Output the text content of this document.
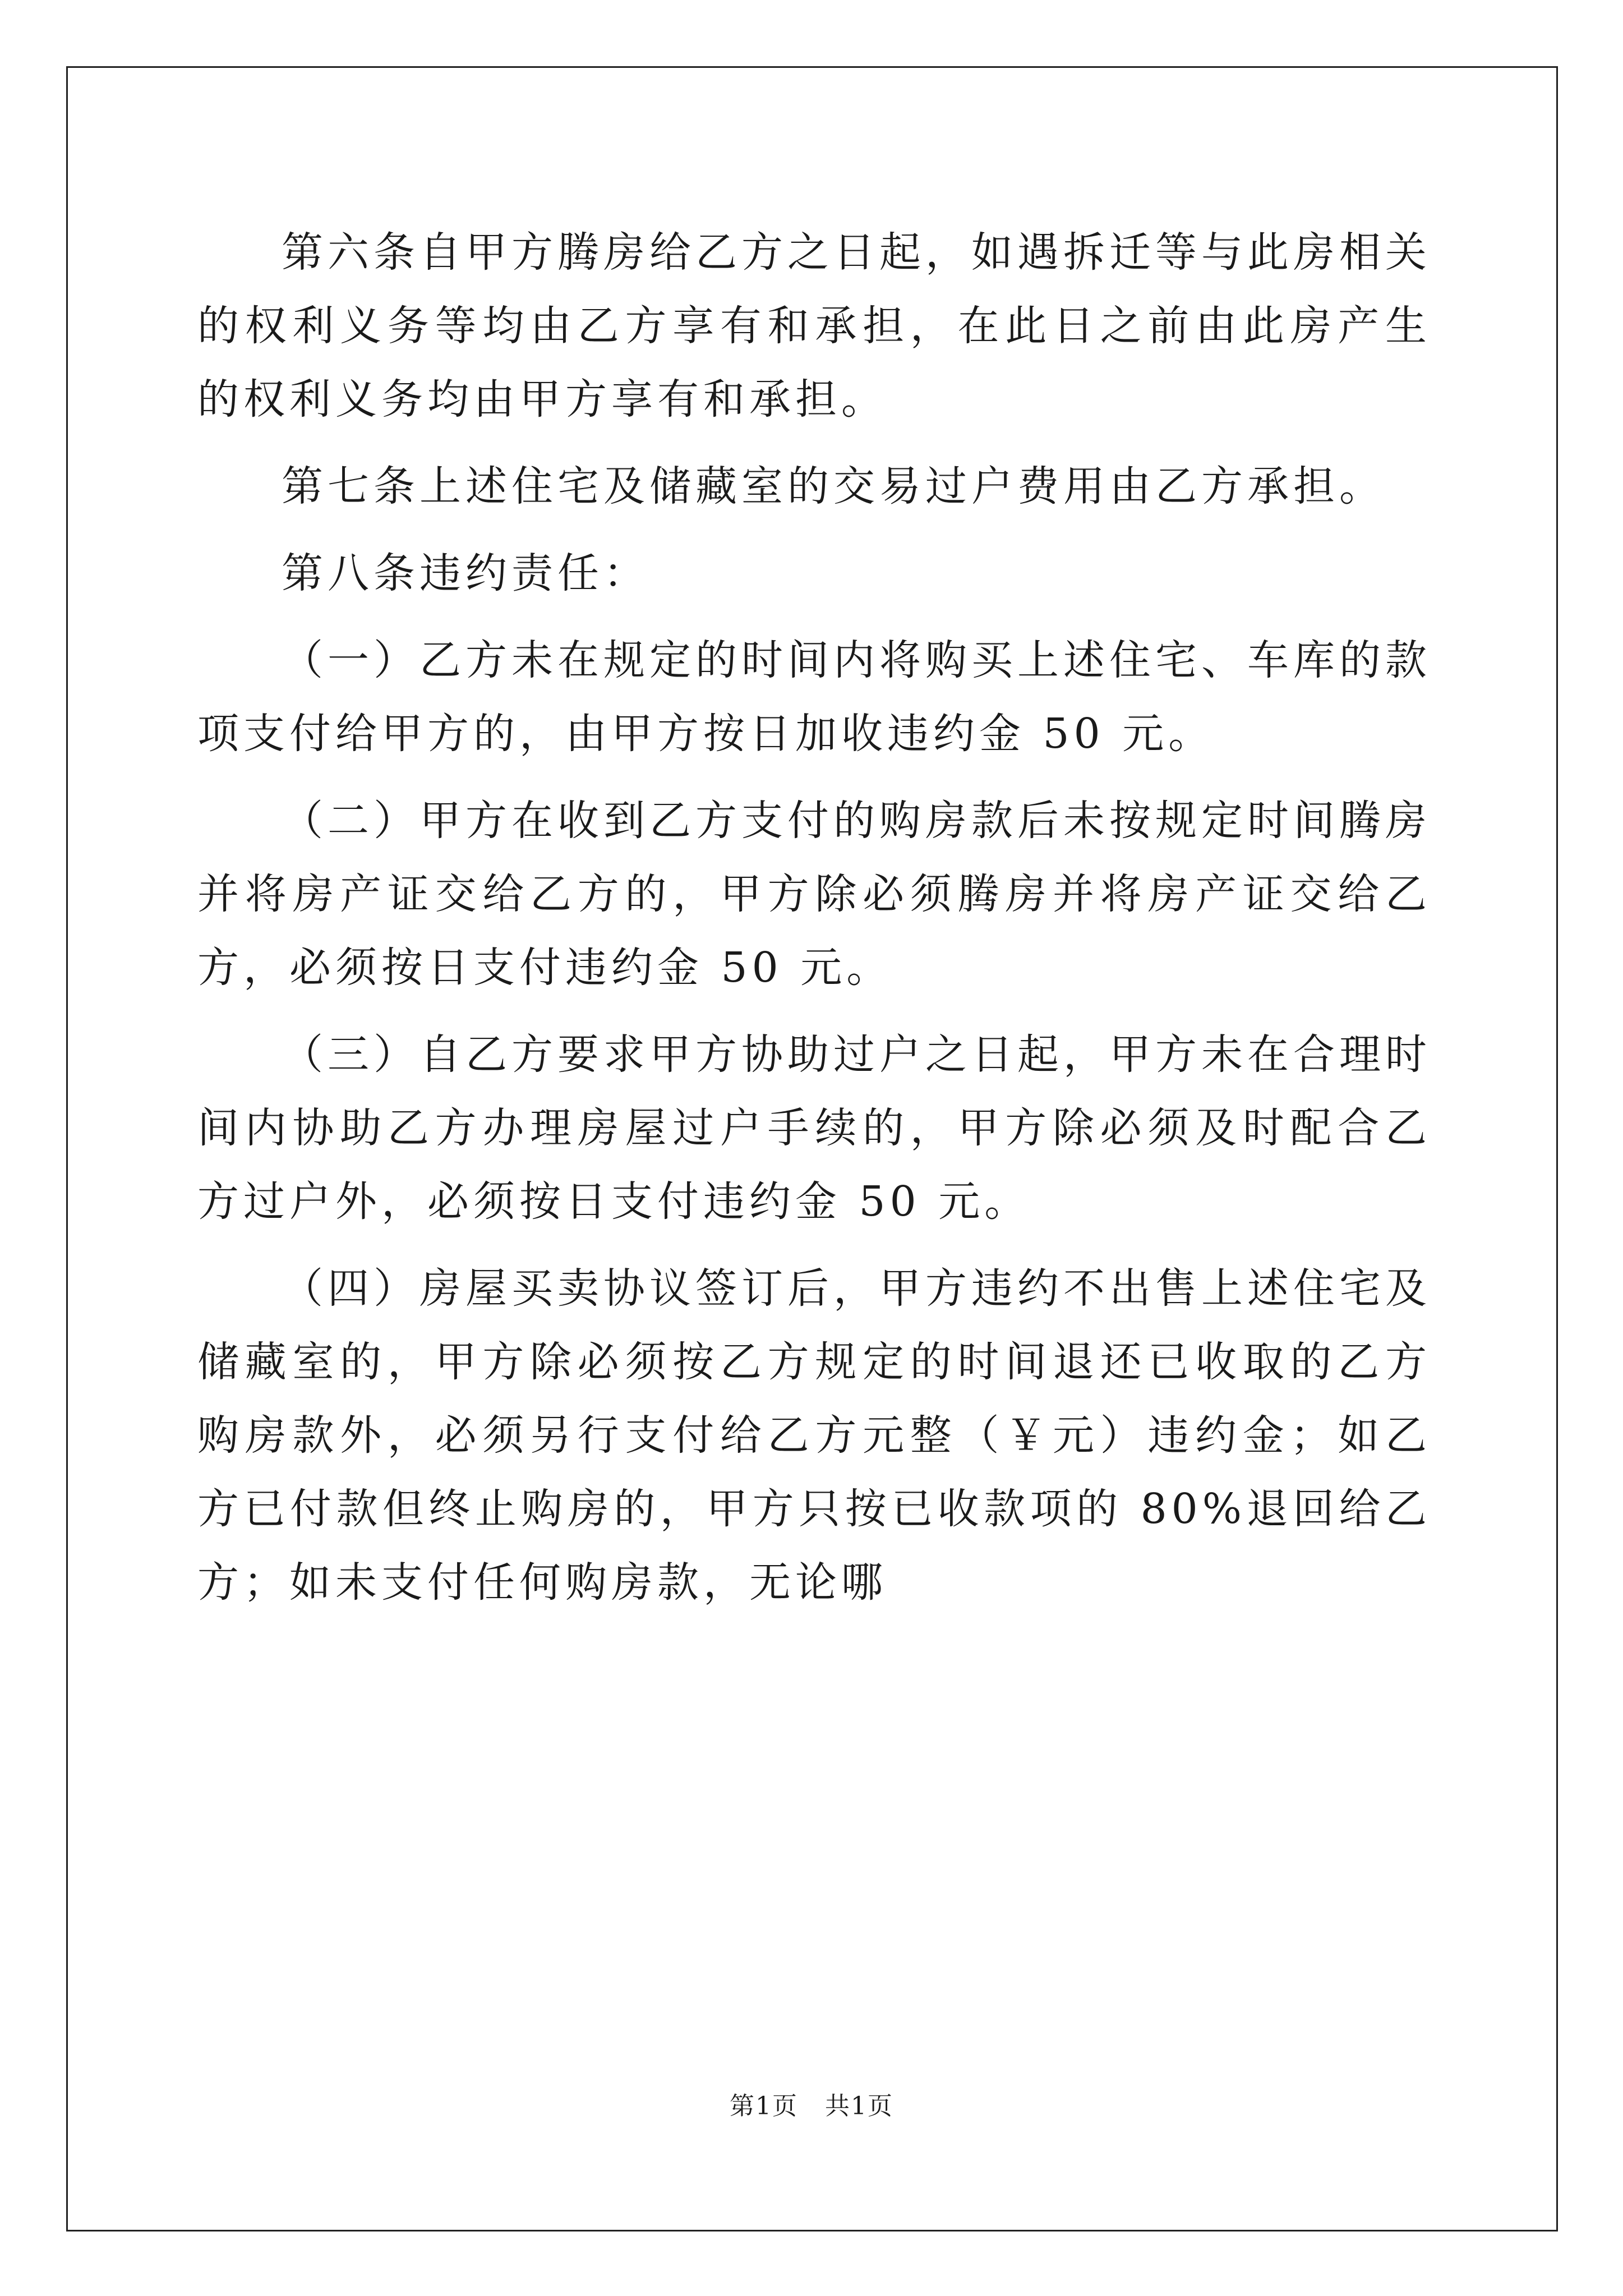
第六条自甲方腾房给乙方之日起，如遇拆迁等与此房相关的权利义务等均由乙方享有和承担，在此日之前由此房产生的权利义务均由甲方享有和承担。

第七条上述住宅及储藏室的交易过户费用由乙方承担。

第八条违约责任：

（一）乙方未在规定的时间内将购买上述住宅、车库的款项支付给甲方的，由甲方按日加收违约金 50 元。

（二）甲方在收到乙方支付的购房款后未按规定时间腾房并将房产证交给乙方的，甲方除必须腾房并将房产证交给乙方，必须按日支付违约金 50 元。

（三）自乙方要求甲方协助过户之日起，甲方未在合理时间内协助乙方办理房屋过户手续的，甲方除必须及时配合乙方过户外，必须按日支付违约金 50 元。

（四）房屋买卖协议签订后，甲方违约不出售上述住宅及储藏室的，甲方除必须按乙方规定的时间退还已收取的乙方购房款外，必须另行支付给乙方元整（￥元）违约金；如乙方已付款但终止购房的，甲方只按已收款项的 80%退回给乙方；如未支付任何购房款，无论哪

第1页   共1页
